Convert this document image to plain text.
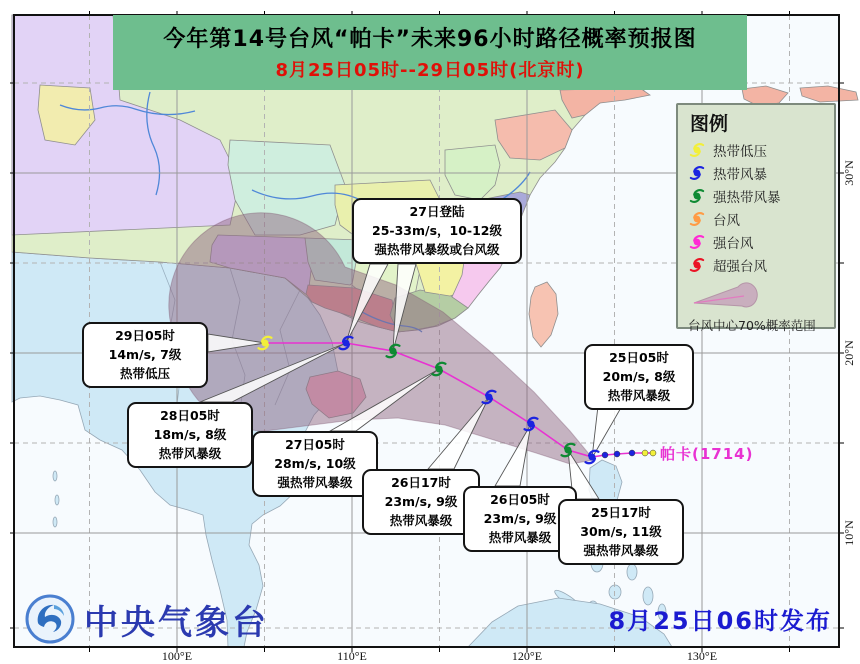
100°E	110°E	120°E	130°E
30°N
20°N
10°N
今年第14号台风“帕卡”未来96小时路径概率预报图
8月25日05时--29日05时(北京时)
图例
热带低压
热带风暴
强热带风暴
台风
强台风
超强台风
台风中心70%概率范围
27日登陆
25-33m/s，10-12级
强热带风暴级或台风级
29日05时
14m/s, 7级
热带低压
28日05时
18m/s, 8级
热带风暴级
27日05时
28m/s, 10级
强热带风暴级	26日17时
23m/s, 9级
热带风暴级
26日05时
23m/s, 9级
热带风暴级
25日17时
30m/s, 11级
强热带风暴级
25日05时
20m/s, 8级
热带风暴级
帕卡(1714)
中央气象台	8月25日06时发布
